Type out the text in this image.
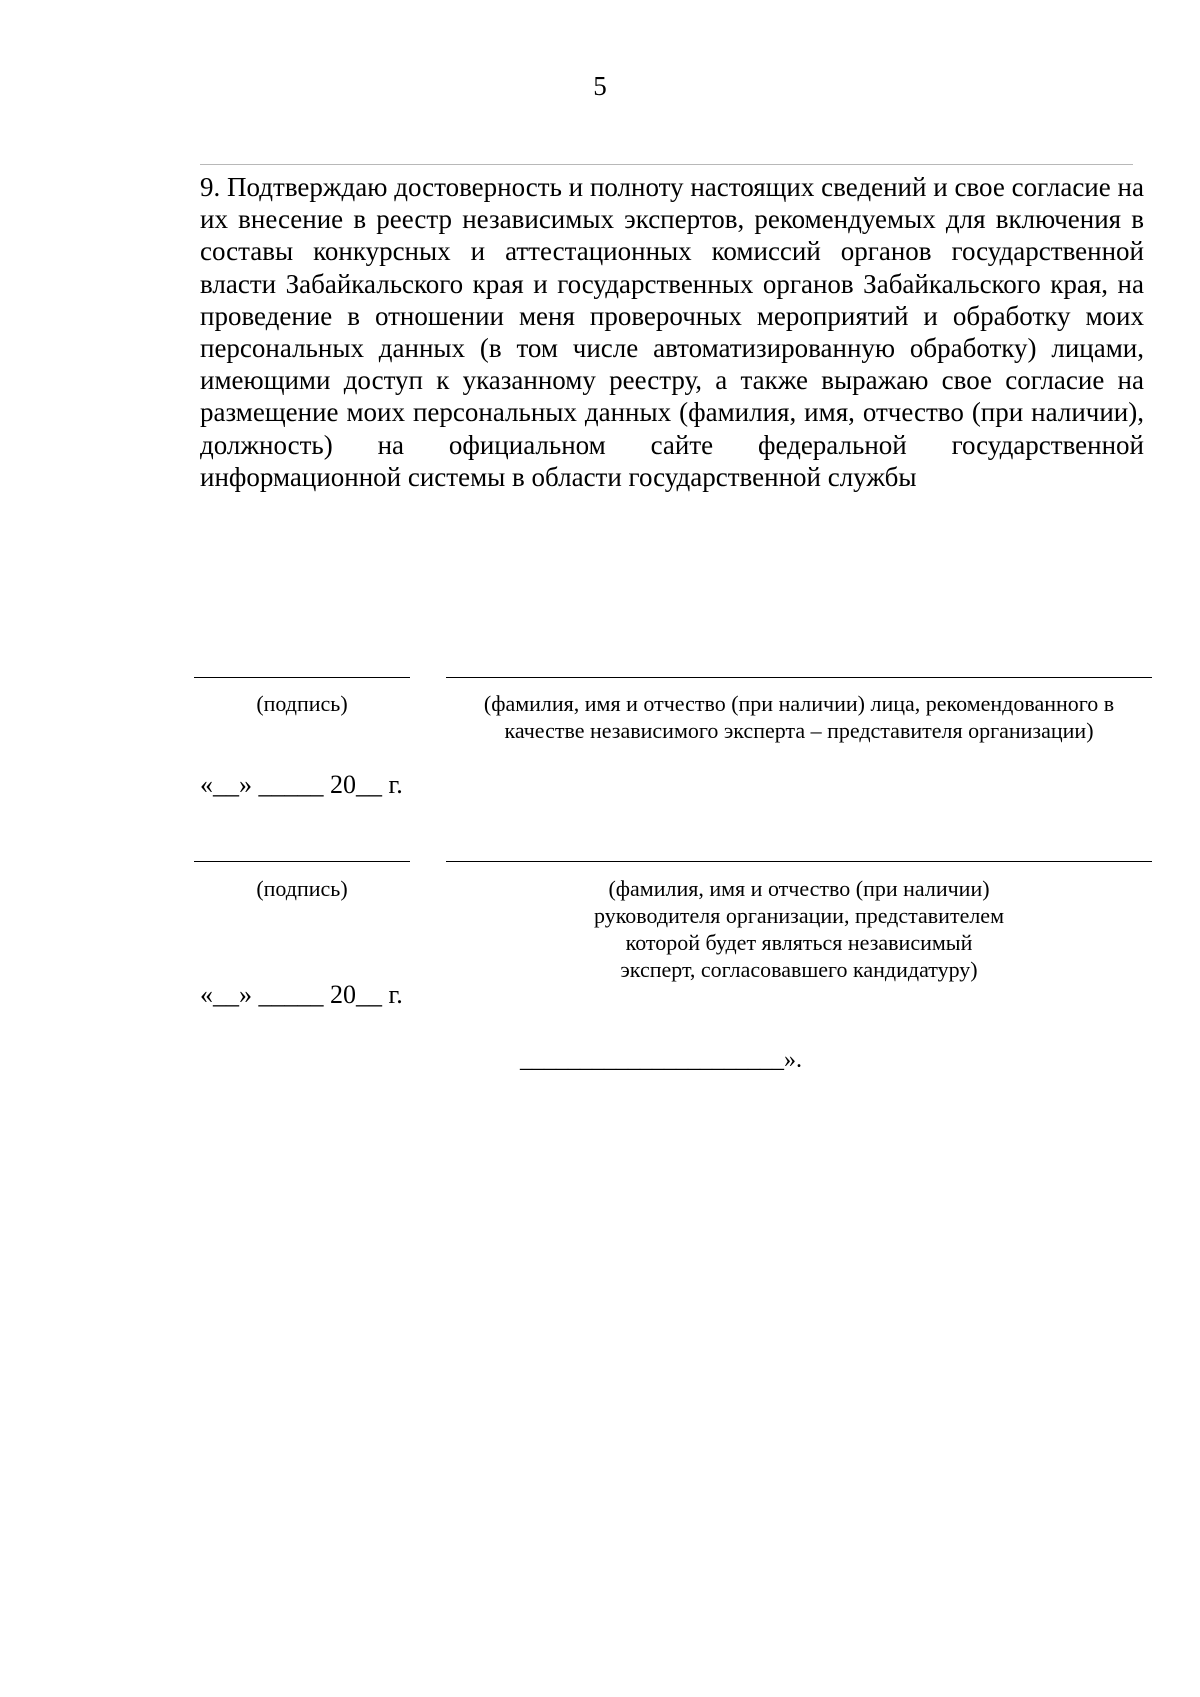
5

9. Подтверждаю достоверность и полноту настоящих сведений и свое согласие на их внесение в реестр независимых экспертов, рекомендуемых для включения в составы конкурсных и аттестационных комиссий органов государственной власти Забайкальского края и государственных органов Забайкальского края, на проведение в отношении меня проверочных мероприятий и обработку моих персональных данных (в том числе автоматизированную обработку) лицами, имеющими доступ к указанному реестру, а также выражаю свое согласие на размещение моих персональных данных (фамилия, имя, отчество (при наличии), должность) на официальном сайте федеральной государственной информационной системы в области государственной службы

(подпись)	(фамилия, имя и отчество (при наличии) лица, рекомендованного в качестве независимого эксперта – представителя организации)

«__» _____ 20__ г.

(подпись)	(фамилия, имя и отчество (при наличии) руководителя организации, представителем которой будет являться независимый эксперт, согласовавшего кандидатуру)

«__» _____ 20__ г.
______________________».
